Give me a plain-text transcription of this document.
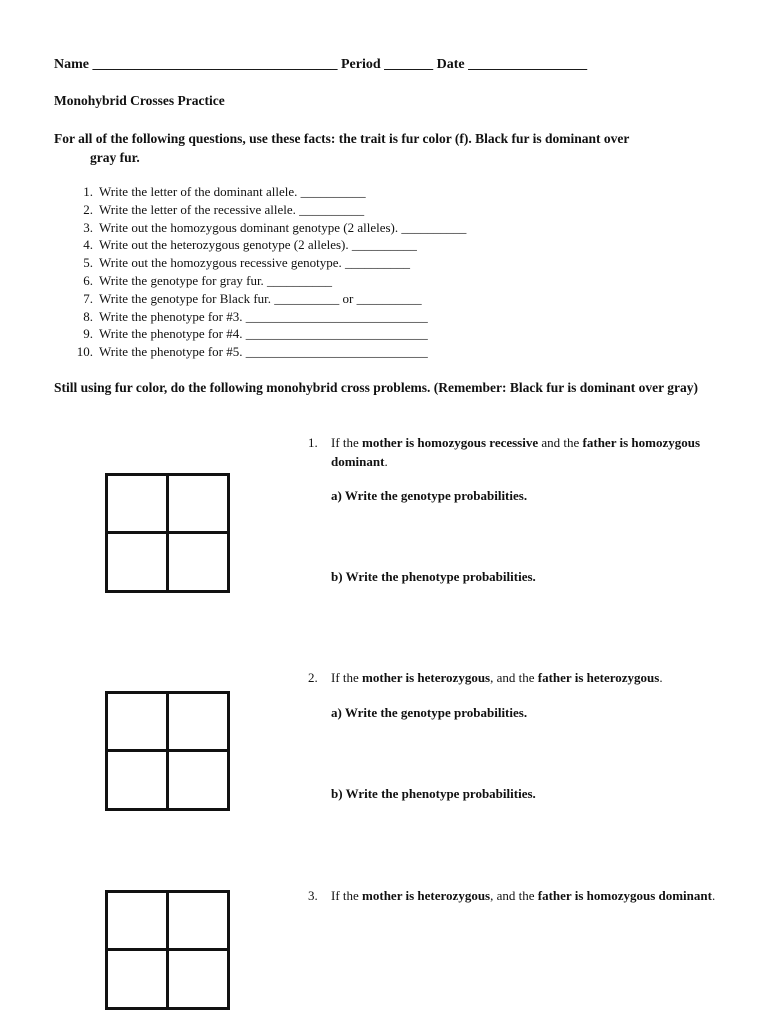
Name ___________________________________ Period _______ Date _________________
Monohybrid Crosses Practice
For all of the following questions, use these facts: the trait is fur color (f). Black fur is dominant over
gray fur.
1. Write the letter of the dominant allele. __________
2. Write the letter of the recessive allele. __________
3. Write out the homozygous dominant genotype (2 alleles). __________
4. Write out the heterozygous genotype (2 alleles). __________
5. Write out the homozygous recessive genotype. __________
6. Write the genotype for gray fur. __________
7. Write the genotype for Black fur. __________ or __________
8. Write the phenotype for #3. ____________________________
9. Write the phenotype for #4. ____________________________
10. Write the phenotype for #5. ____________________________
Still using fur color, do the following monohybrid cross problems. (Remember: Black fur is dominant over gray)
1. If the mother is homozygous recessive and the father is homozygous dominant.
a) Write the genotype probabilities.
b) Write the phenotype probabilities.
2. If the mother is heterozygous, and the father is heterozygous.
a) Write the genotype probabilities.
b) Write the phenotype probabilities.
3. If the mother is heterozygous, and the father is homozygous dominant.
